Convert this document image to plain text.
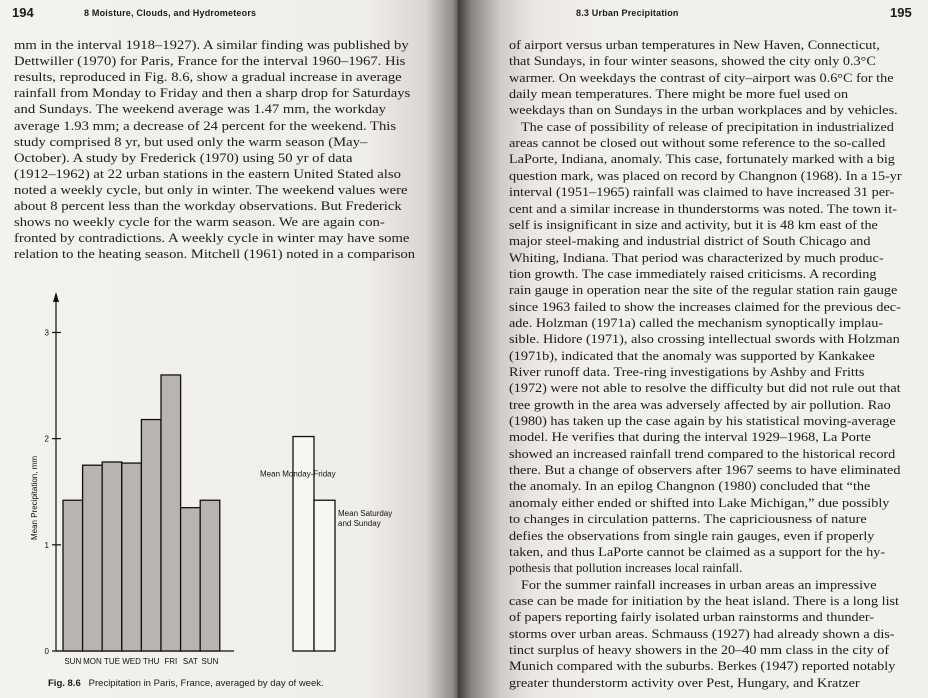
194	8 Moisture, Clouds, and Hydrometeors
mm in the interval 1918–1927). A similar finding was published by
Dettwiller (1970) for Paris, France for the interval 1960–1967. His
results, reproduced in Fig. 8.6, show a gradual increase in average
rainfall from Monday to Friday and then a sharp drop for Saturdays
and Sundays. The weekend average was 1.47 mm, the workday
average 1.93 mm; a decrease of 24 percent for the weekend. This
study comprised 8 yr, but used only the warm season (May–
October). A study by Frederick (1970) using 50 yr of data
(1912–1962) at 22 urban stations in the eastern United Stated also
noted a weekly cycle, but only in winter. The weekend values were
about 8 percent less than the workday observations. But Frederick
shows no weekly cycle for the warm season. We are again con-
fronted by contradictions. A weekly cycle in winter may have some
relation to the heating season. Mitchell (1961) noted in a comparison
0
1
2
3
Mean Precipitation, mm
SUN MON TUE WED THU FRI SAT SUN
Mean Monday-Friday
Mean Saturday
and Sunday
Fig. 8.6 Precipitation in Paris, France, averaged by day of week.
8.3 Urban Precipitation	195
of airport versus urban temperatures in New Haven, Connecticut,
that Sundays, in four winter seasons, showed the city only 0.3°C
warmer. On weekdays the contrast of city–airport was 0.6°C for the
daily mean temperatures. There might be more fuel used on
weekdays than on Sundays in the urban workplaces and by vehicles.
The case of possibility of release of precipitation in industrialized
areas cannot be closed out without some reference to the so-called
LaPorte, Indiana, anomaly. This case, fortunately marked with a big
question mark, was placed on record by Changnon (1968). In a 15-yr
interval (1951–1965) rainfall was claimed to have increased 31 per-
cent and a similar increase in thunderstorms was noted. The town it-
self is insignificant in size and activity, but it is 48 km east of the
major steel-making and industrial district of South Chicago and
Whiting, Indiana. That period was characterized by much produc-
tion growth. The case immediately raised criticisms. A recording
rain gauge in operation near the site of the regular station rain gauge
since 1963 failed to show the increases claimed for the previous dec-
ade. Holzman (1971a) called the mechanism synoptically implau-
sible. Hidore (1971), also crossing intellectual swords with Holzman
(1971b), indicated that the anomaly was supported by Kankakee
River runoff data. Tree-ring investigations by Ashby and Fritts
(1972) were not able to resolve the difficulty but did not rule out that
tree growth in the area was adversely affected by air pollution. Rao
(1980) has taken up the case again by his statistical moving-average
model. He verifies that during the interval 1929–1968, La Porte
showed an increased rainfall trend compared to the historical record
there. But a change of observers after 1967 seems to have eliminated
the anomaly. In an epilog Changnon (1980) concluded that “the
anomaly either ended or shifted into Lake Michigan,” due possibly
to changes in circulation patterns. The capriciousness of nature
defies the observations from single rain gauges, even if properly
taken, and thus LaPorte cannot be claimed as a support for the hy-
pothesis that pollution increases local rainfall.
For the summer rainfall increases in urban areas an impressive
case can be made for initiation by the heat island. There is a long list
of papers reporting fairly isolated urban rainstorms and thunder-
storms over urban areas. Schmauss (1927) had already shown a dis-
tinct surplus of heavy showers in the 20–40 mm class in the city of
Munich compared with the suburbs. Berkes (1947) reported notably
greater thunderstorm activity over Pest, Hungary, and Kratzer
